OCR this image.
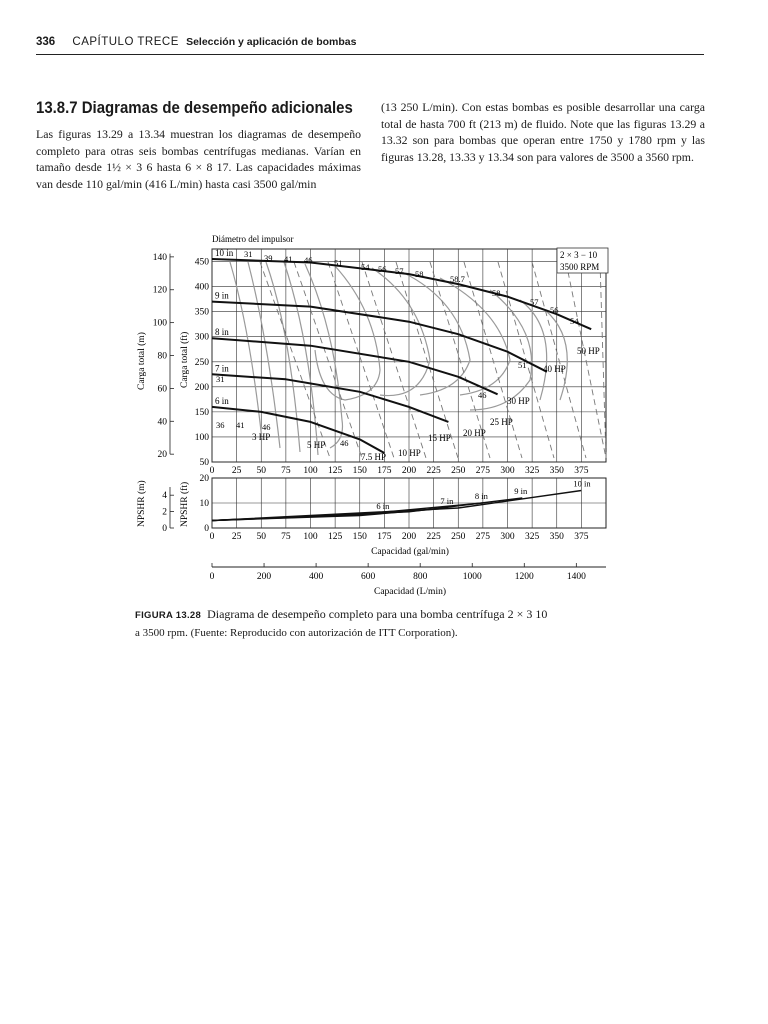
336 CAPÍTULO TRECE Selección y aplicación de bombas
13.8.7 Diagramas de desempeño adicionales
Las figuras 13.29 a 13.34 muestran los diagramas de desempeño completo para otras seis bombas centrífugas medianas. Varían en tamaño desde 1½ × 3 6 hasta 6 × 8 17. Las capacidades máximas van desde 110 gal/min (416 L/min) hasta casi 3500 gal/min
(13 250 L/min). Con estas bombas es posible desarrollar una carga total de hasta 700 ft (213 m) de fluido. Note que las figuras 13.29 a 13.32 son para bombas que operan entre 1750 y 1780 rpm y las figuras 13.28, 13.33 y 13.34 son para valores de 3500 a 3560 rpm.
50
100
150
200
250
300
350
400
450
20
40
60
80
100
120
140
0 25 50 75 100 125 150 175 200 225 250 275 300 325 350 375
0
10
20
0
2
4
0 25 50 75 100 125 150 175 200 225 250 275 300 325 350 375
0	200	400	600	800	1000	1200	1400
10 in
9 in
8 in
7 in
6 in
31 39 41 46	51 54 56 57 58	58.7
58
57
56
54
51
46
31
36 41 46
46
3 HP
5 HP
7.5 HP 10 HP
15 HP 20 HP
25 HP
30 HP
40 HP
50 HP
6 in	7 in	8 in	9 in
10 in
Diámetro del impulsor
2 × 3 − 10
3500 RPM
Carga total (m)	Carga total (ft)
NPSHR (m)	NPSHR (ft)
Capacidad (gal/min)
Capacidad (L/min)
FIGURA 13.28 Diagrama de desempeño completo para una bomba centrífuga 2 × 3 10
a 3500 rpm. (Fuente: Reproducido con autorización de ITT Corporation).
